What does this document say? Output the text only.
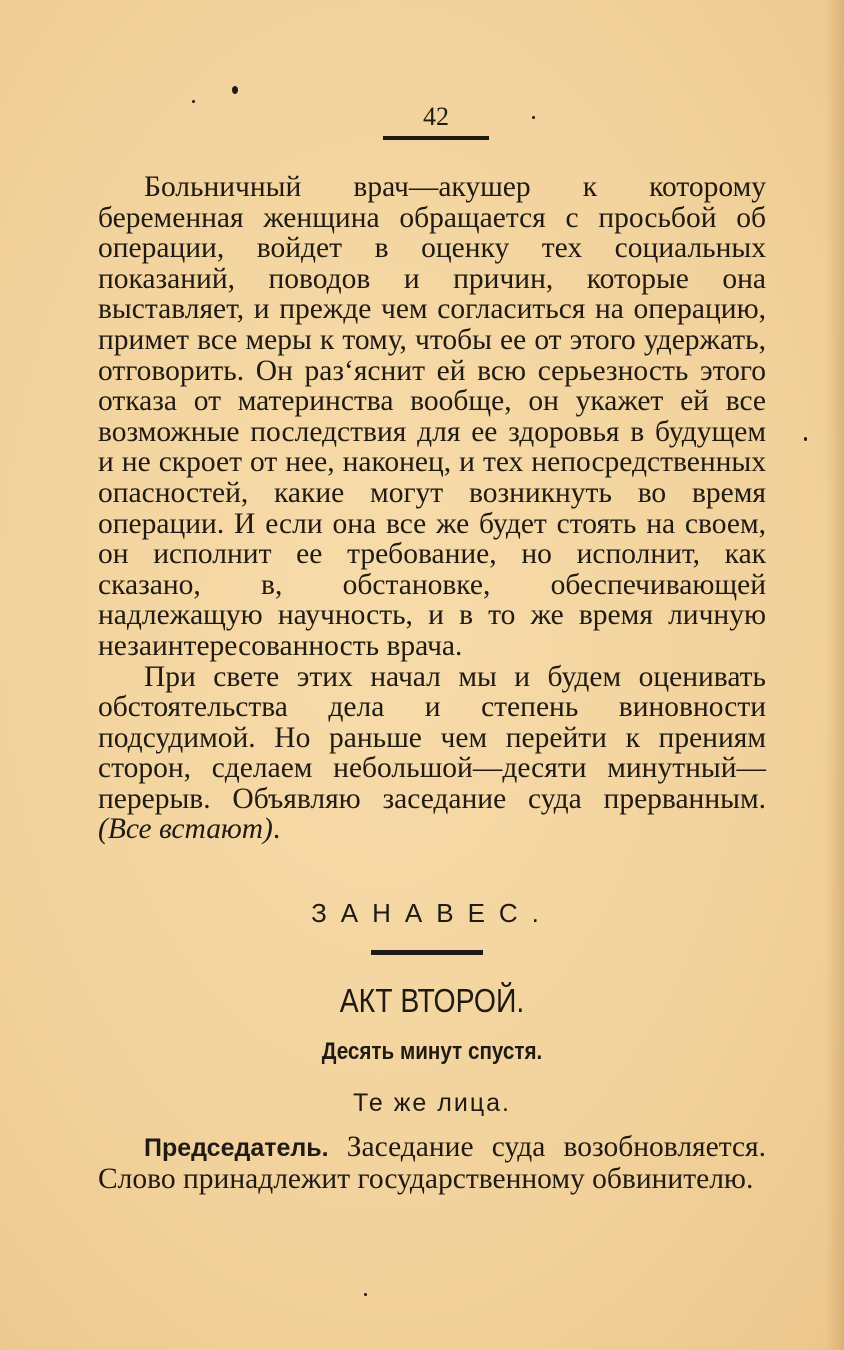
42

Больничный врач—акушер к которому беременная женщина обращается с просьбой об операции, войдет в оценку тех социальных показаний, поводов и причин, которые она выставляет, и прежде чем согласиться на операцию, примет все меры к тому, чтобы ее от этого удержать, отговорить. Он раз‘яснит ей всю серьезность этого отказа от материнства вообще, он укажет ей все возможные последствия для ее здоровья в будущем и не скроет от нее, наконец, и тех непосредственных опасностей, какие могут возникнуть во время операции. И если она все же будет стоять на своем, он исполнит ее требование, но исполнит, как сказано, в, обстановке, обеспечивающей надлежащую научность, и в то же время личную незаинтересованность врача.

При свете этих начал мы и будем оценивать обстоятельства дела и степень виновности подсудимой. Но раньше чем перейти к прениям сторон, сделаем небольшой—десяти минутный—перерыв. Объявляю заседание суда прерванным. (Все встают).

ЗАНАВЕС.
АКТ ВТОРОЙ.
Десять минут спустя.
Те же лица.

Председатель. Заседание суда возобновляется. Слово принадлежит государственному обвинителю.
